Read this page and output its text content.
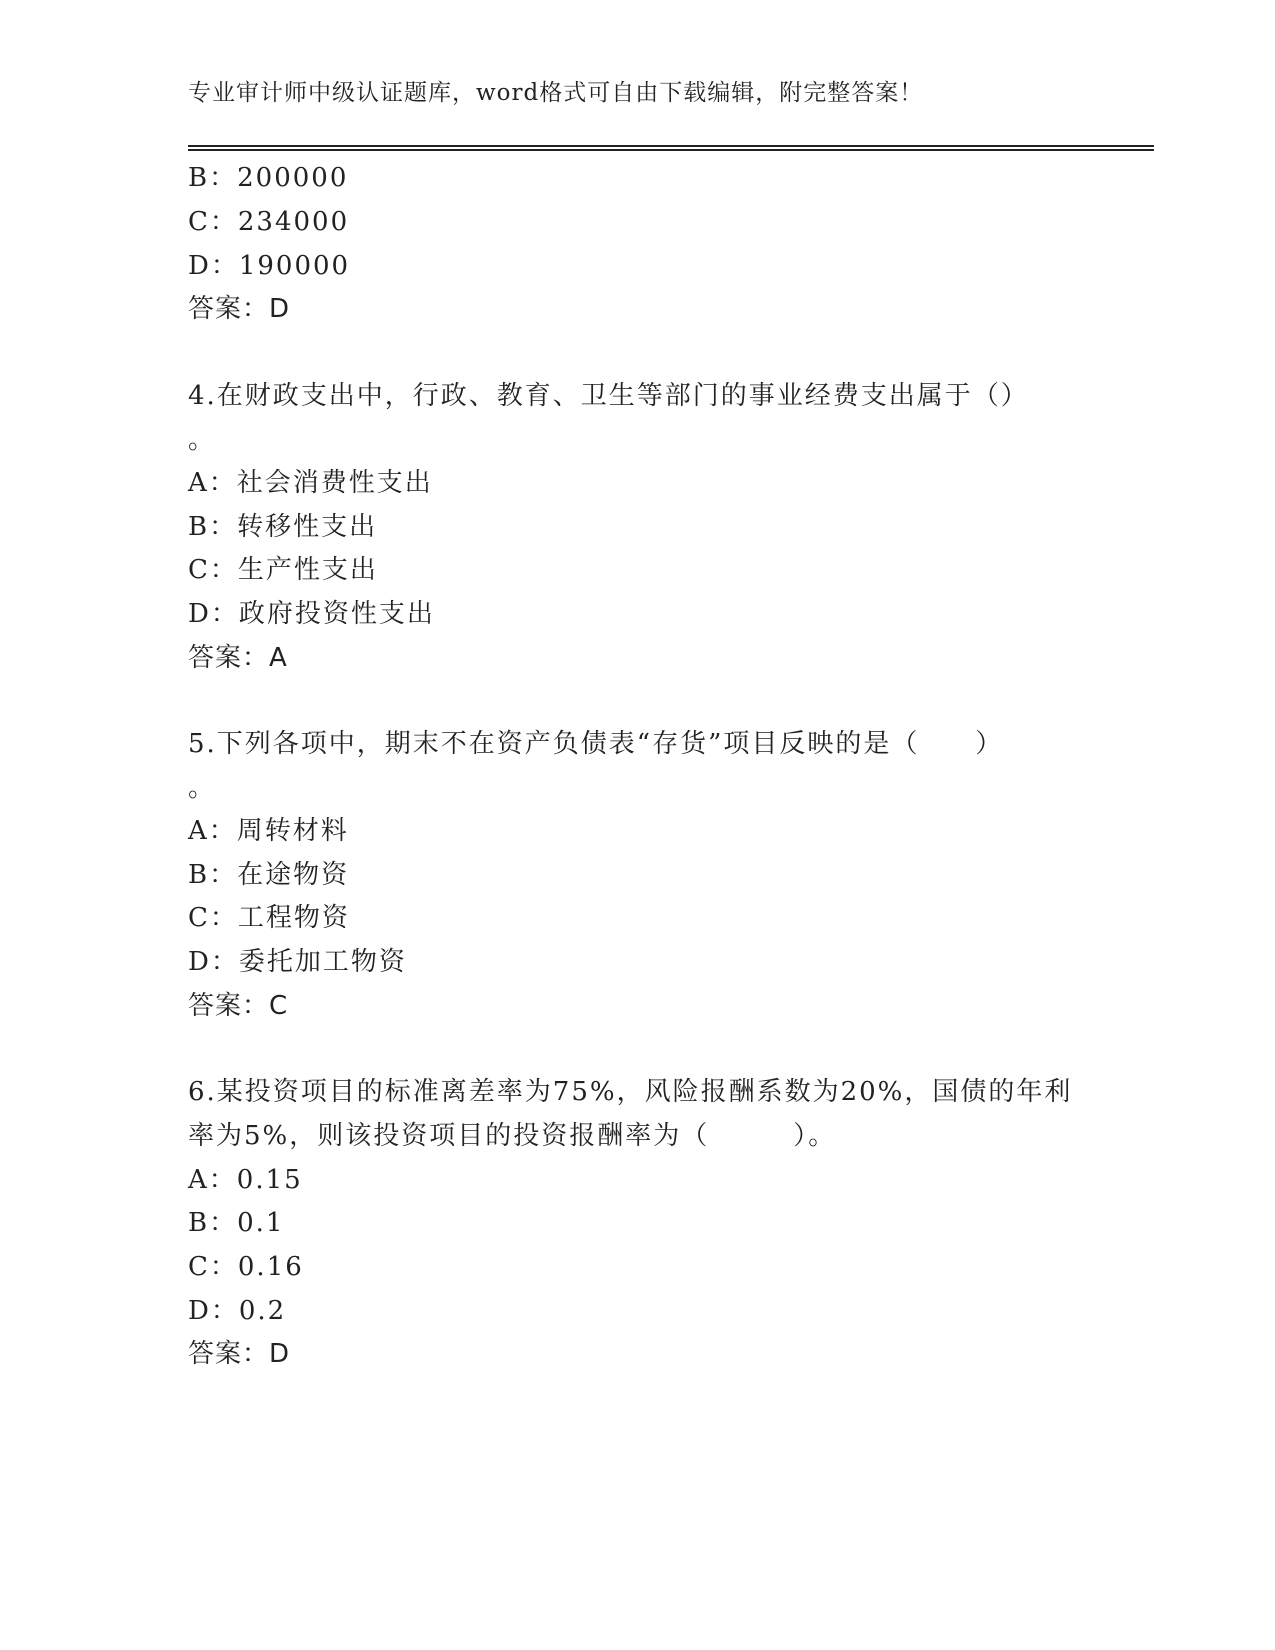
专业审计师中级认证题库，word格式可自由下载编辑，附完整答案！
B：200000
C：234000
D：190000
答案：D
4.在财政支出中，行政、教育、卫生等部门的事业经费支出属于（）
。
A：社会消费性支出
B：转移性支出
C：生产性支出
D：政府投资性支出
答案：A
5.下列各项中，期末不在资产负债表“存货”项目反映的是（　　）
。
A：周转材料
B：在途物资
C：工程物资
D：委托加工物资
答案：C
6.某投资项目的标准离差率为75%，风险报酬系数为20%，国债的年利
率为5%，则该投资项目的投资报酬率为（　　　）。
A：0.15
B：0.1
C：0.16
D：0.2
答案：D
